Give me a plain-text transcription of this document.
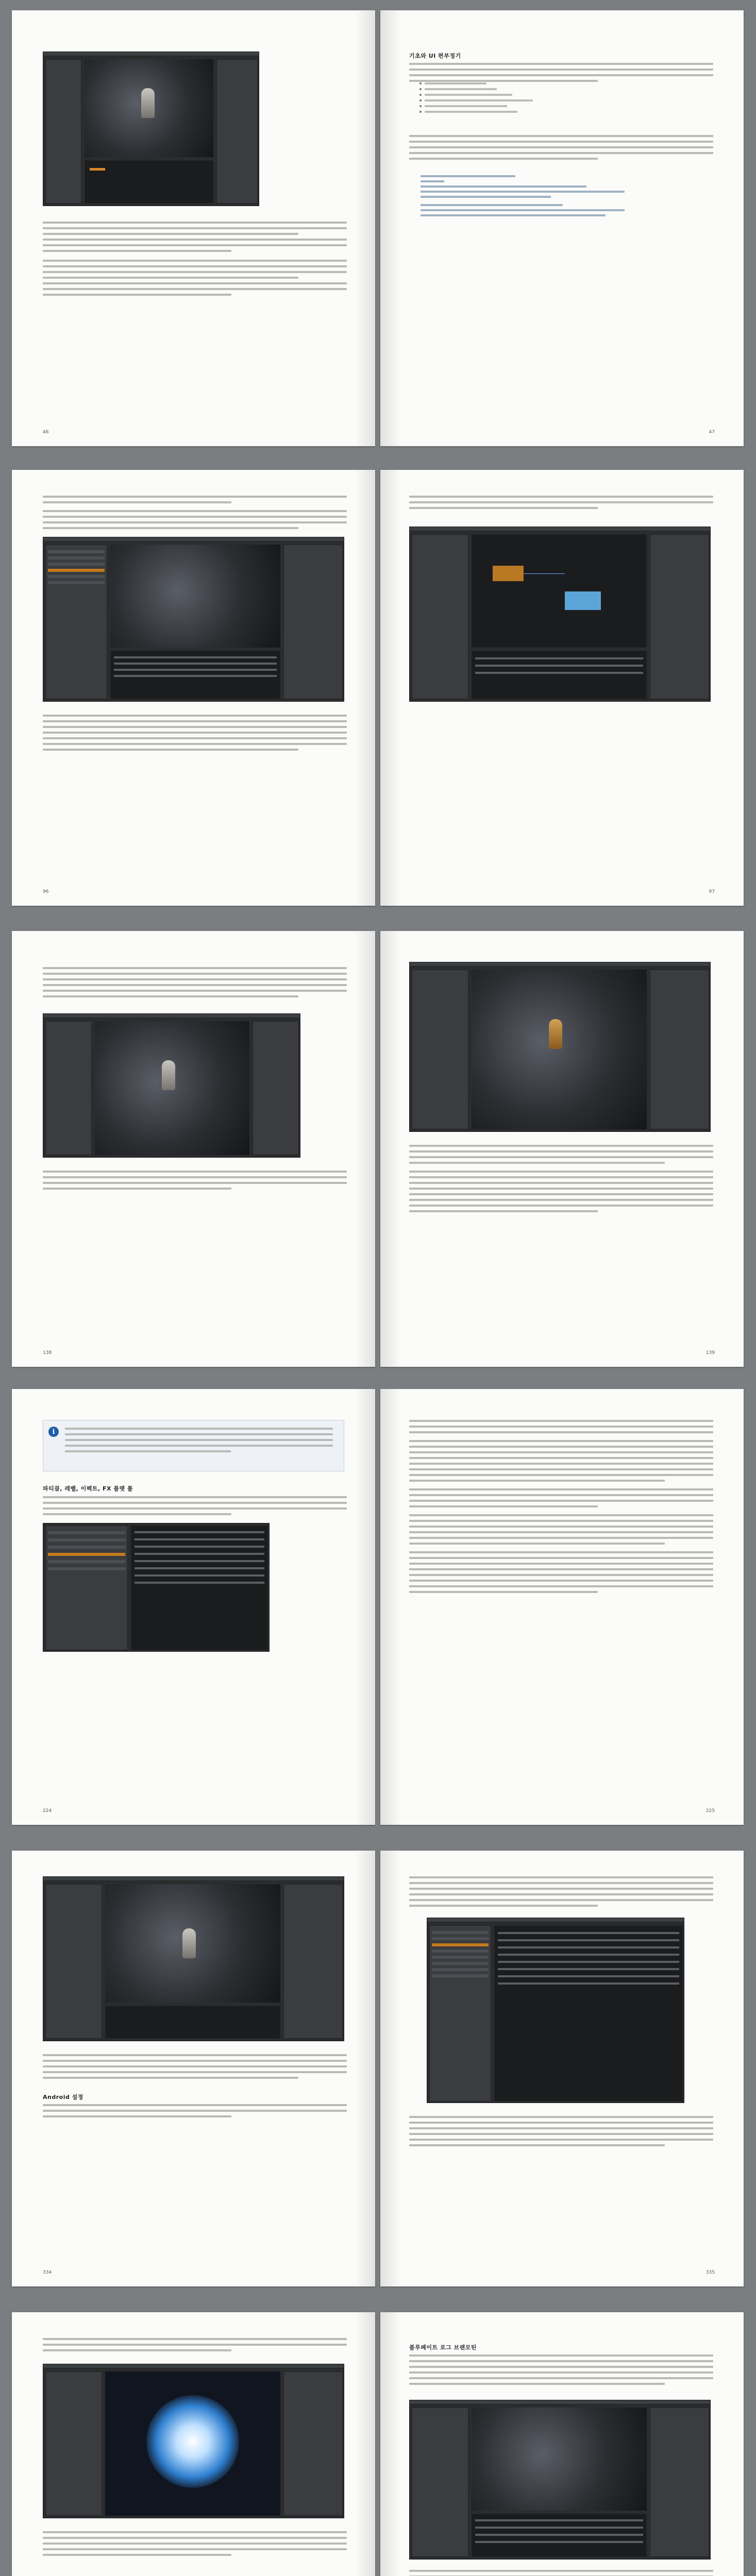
46
기초와 UI 편부정기
47
96	97
138	139
i
파티클, 레벨, 이펙트, FX 플랫 툴
224	225
Android 설정
334	335
블루페이트 로그 브랜모틴
